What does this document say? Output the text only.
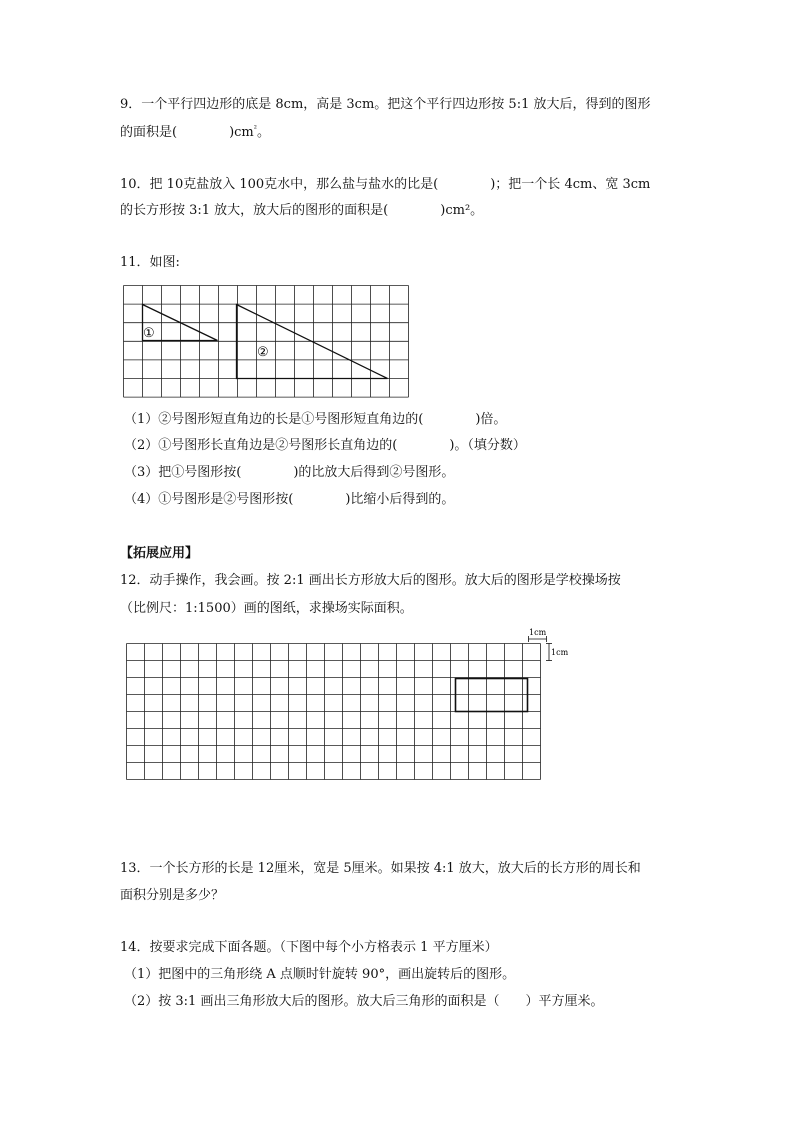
9．一个平行四边形的底是 8cm，高是 3cm。把这个平行四边形按 5:1 放大后，得到的图形
的面积是(　　　　)$cm^{^2}$。
10．把 10克盐放入 100克水中，那么盐与盐水的比是(　　　　)；把一个长 4cm、宽 3cm
的长方形按 3:1 放大，放大后的图形的面积是(　　　　)cm²。
11．如图:
①
②
（1）②号图形短直角边的长是①号图形短直角边的(　　　　)倍。
（2）①号图形长直角边是②号图形长直角边的(　　　　)。（填分数）
（3）把①号图形按(　　　　)的比放大后得到②号图形。
（4）①号图形是②号图形按(　　　　)比缩小后得到的。
【拓展应用】
12．动手操作，我会画。按 2:1 画出长方形放大后的图形。放大后的图形是学校操场按
（比例尺：1:1500）画的图纸，求操场实际面积。
1cm
1cm
13．一个长方形的长是 12厘米，宽是 5厘米。如果按 4:1 放大，放大后的长方形的周长和
面积分别是多少？
14．按要求完成下面各题。（下图中每个小方格表示 1 平方厘米）
（1）把图中的三角形绕 A 点顺时针旋转 90°，画出旋转后的图形。
（2）按 3:1 画出三角形放大后的图形。放大后三角形的面积是（　　）平方厘米。
